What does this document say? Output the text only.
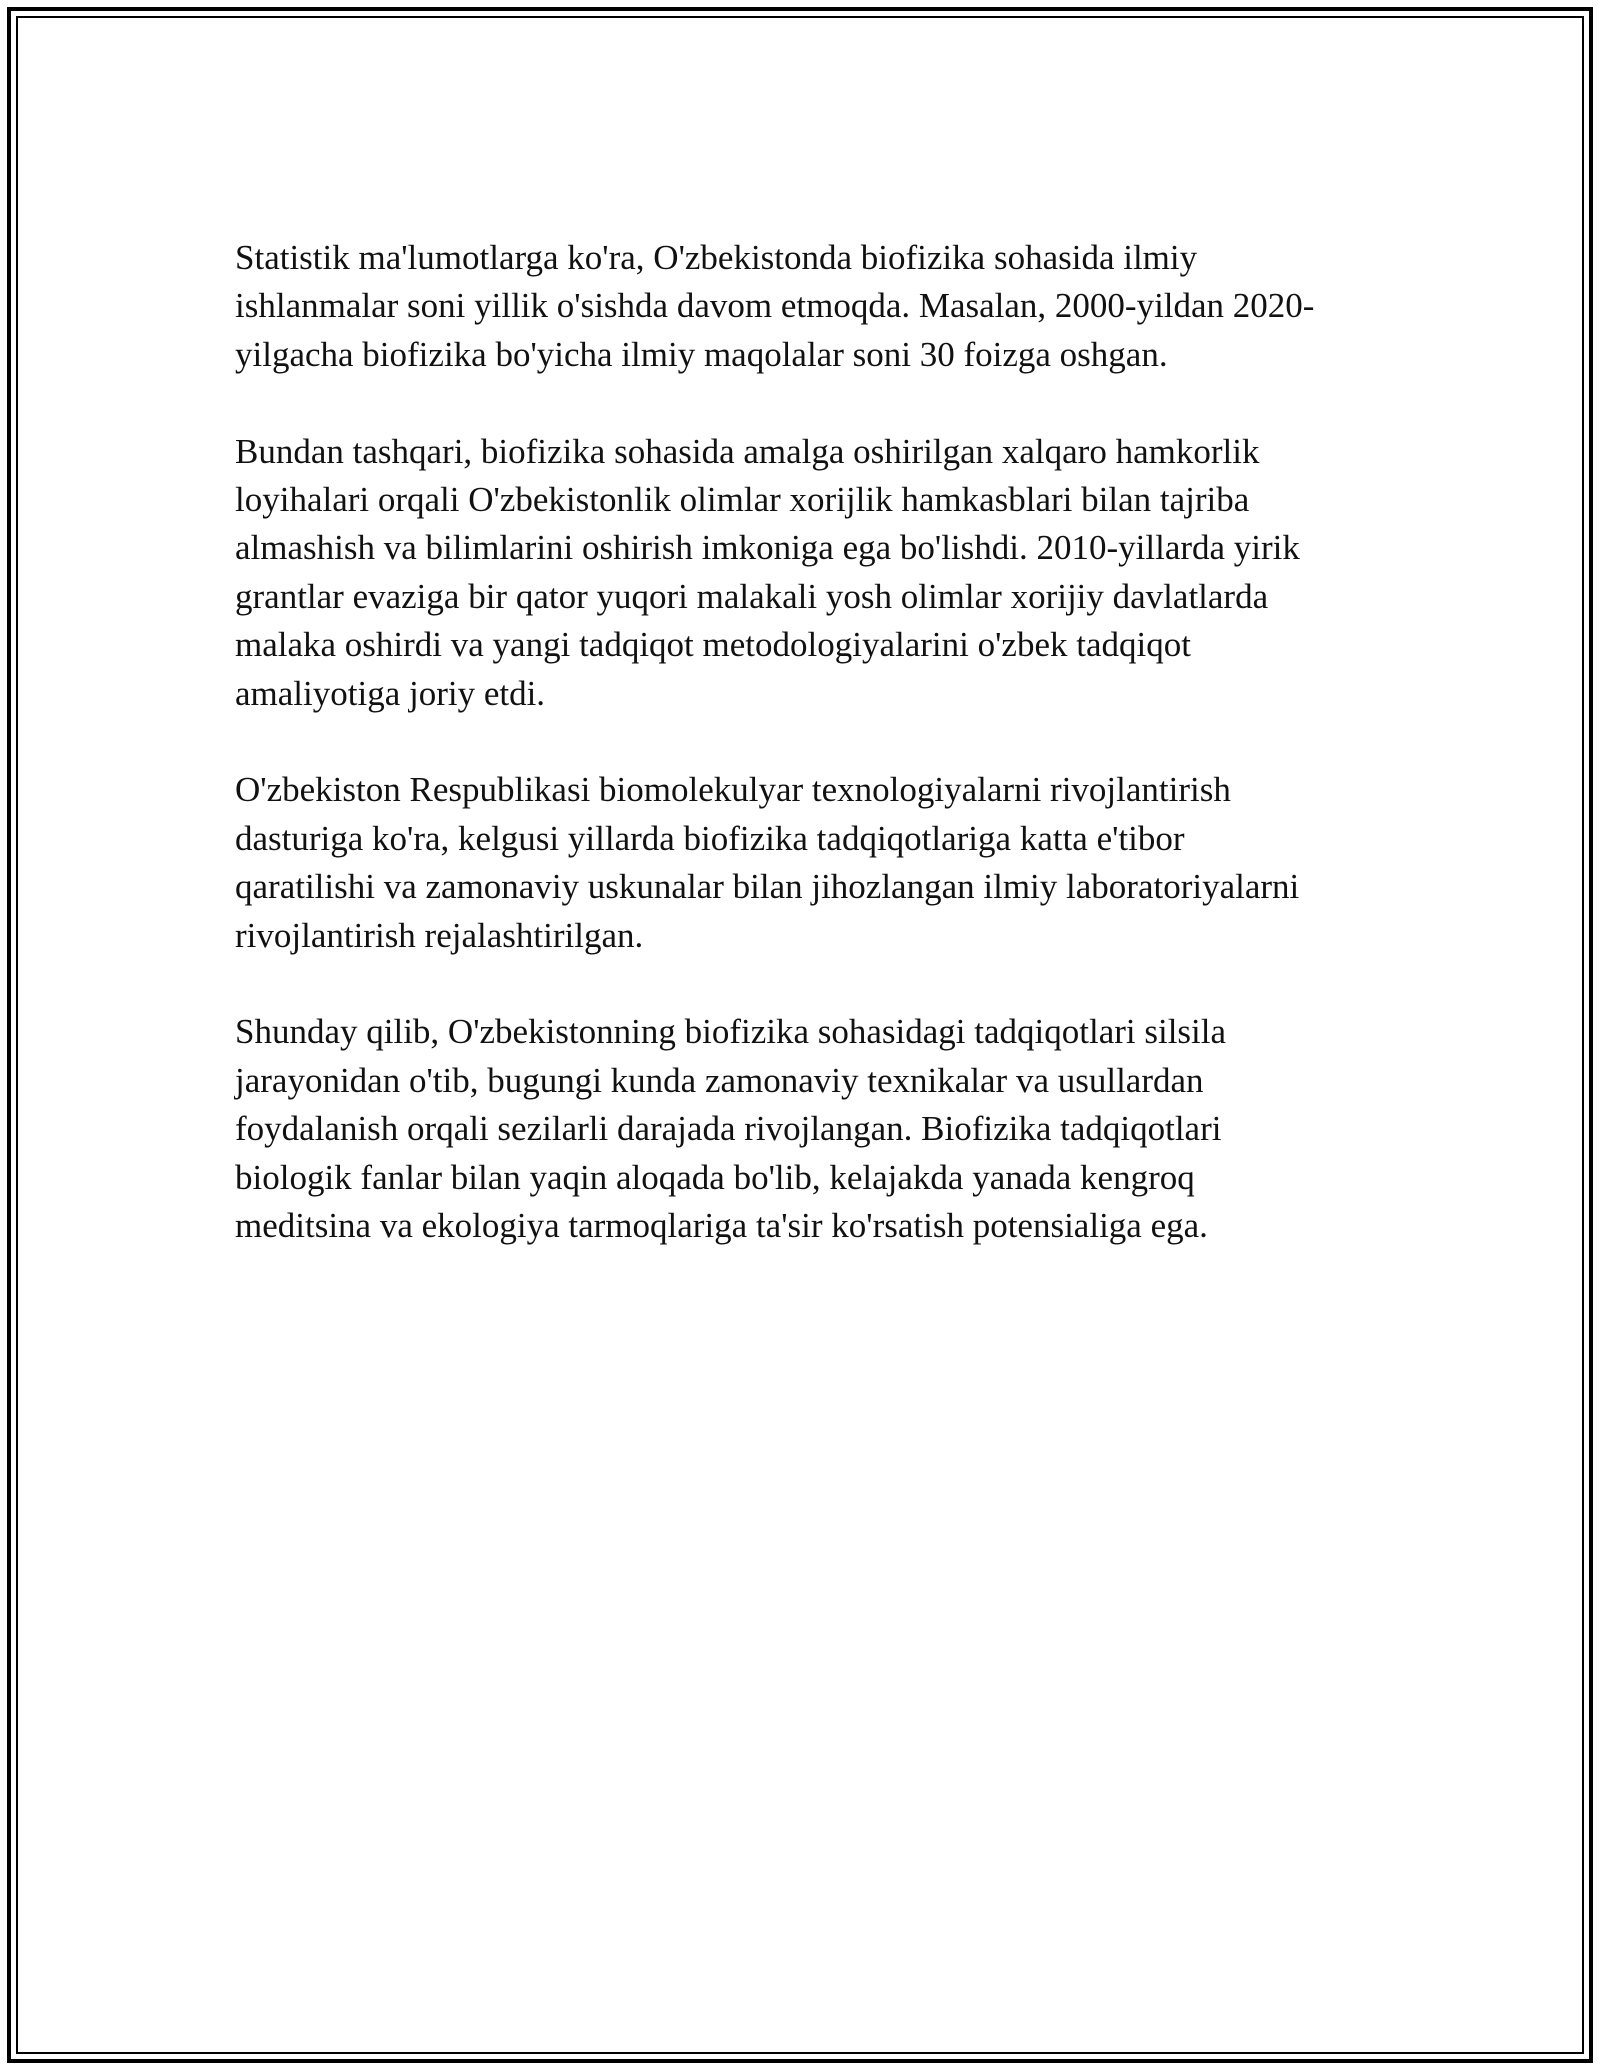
Statistik ma'lumotlarga ko'ra, O'zbekistonda biofizika sohasida ilmiy
ishlanmalar soni yillik o'sishda davom etmoqda. Masalan, 2000-yildan 2020-
yilgacha biofizika bo'yicha ilmiy maqolalar soni 30 foizga oshgan.

Bundan tashqari, biofizika sohasida amalga oshirilgan xalqaro hamkorlik
loyihalari orqali O'zbekistonlik olimlar xorijlik hamkasblari bilan tajriba
almashish va bilimlarini oshirish imkoniga ega bo'lishdi. 2010-yillarda yirik
grantlar evaziga bir qator yuqori malakali yosh olimlar xorijiy davlatlarda
malaka oshirdi va yangi tadqiqot metodologiyalarini o'zbek tadqiqot
amaliyotiga joriy etdi.

O'zbekiston Respublikasi biomolekulyar texnologiyalarni rivojlantirish
dasturiga ko'ra, kelgusi yillarda biofizika tadqiqotlariga katta e'tibor
qaratilishi va zamonaviy uskunalar bilan jihozlangan ilmiy laboratoriyalarni
rivojlantirish rejalashtirilgan.

Shunday qilib, O'zbekistonning biofizika sohasidagi tadqiqotlari silsila
jarayonidan o'tib, bugungi kunda zamonaviy texnikalar va usullardan
foydalanish orqali sezilarli darajada rivojlangan. Biofizika tadqiqotlari
biologik fanlar bilan yaqin aloqada bo'lib, kelajakda yanada kengroq
meditsina va ekologiya tarmoqlariga ta'sir ko'rsatish potensialiga ega.
